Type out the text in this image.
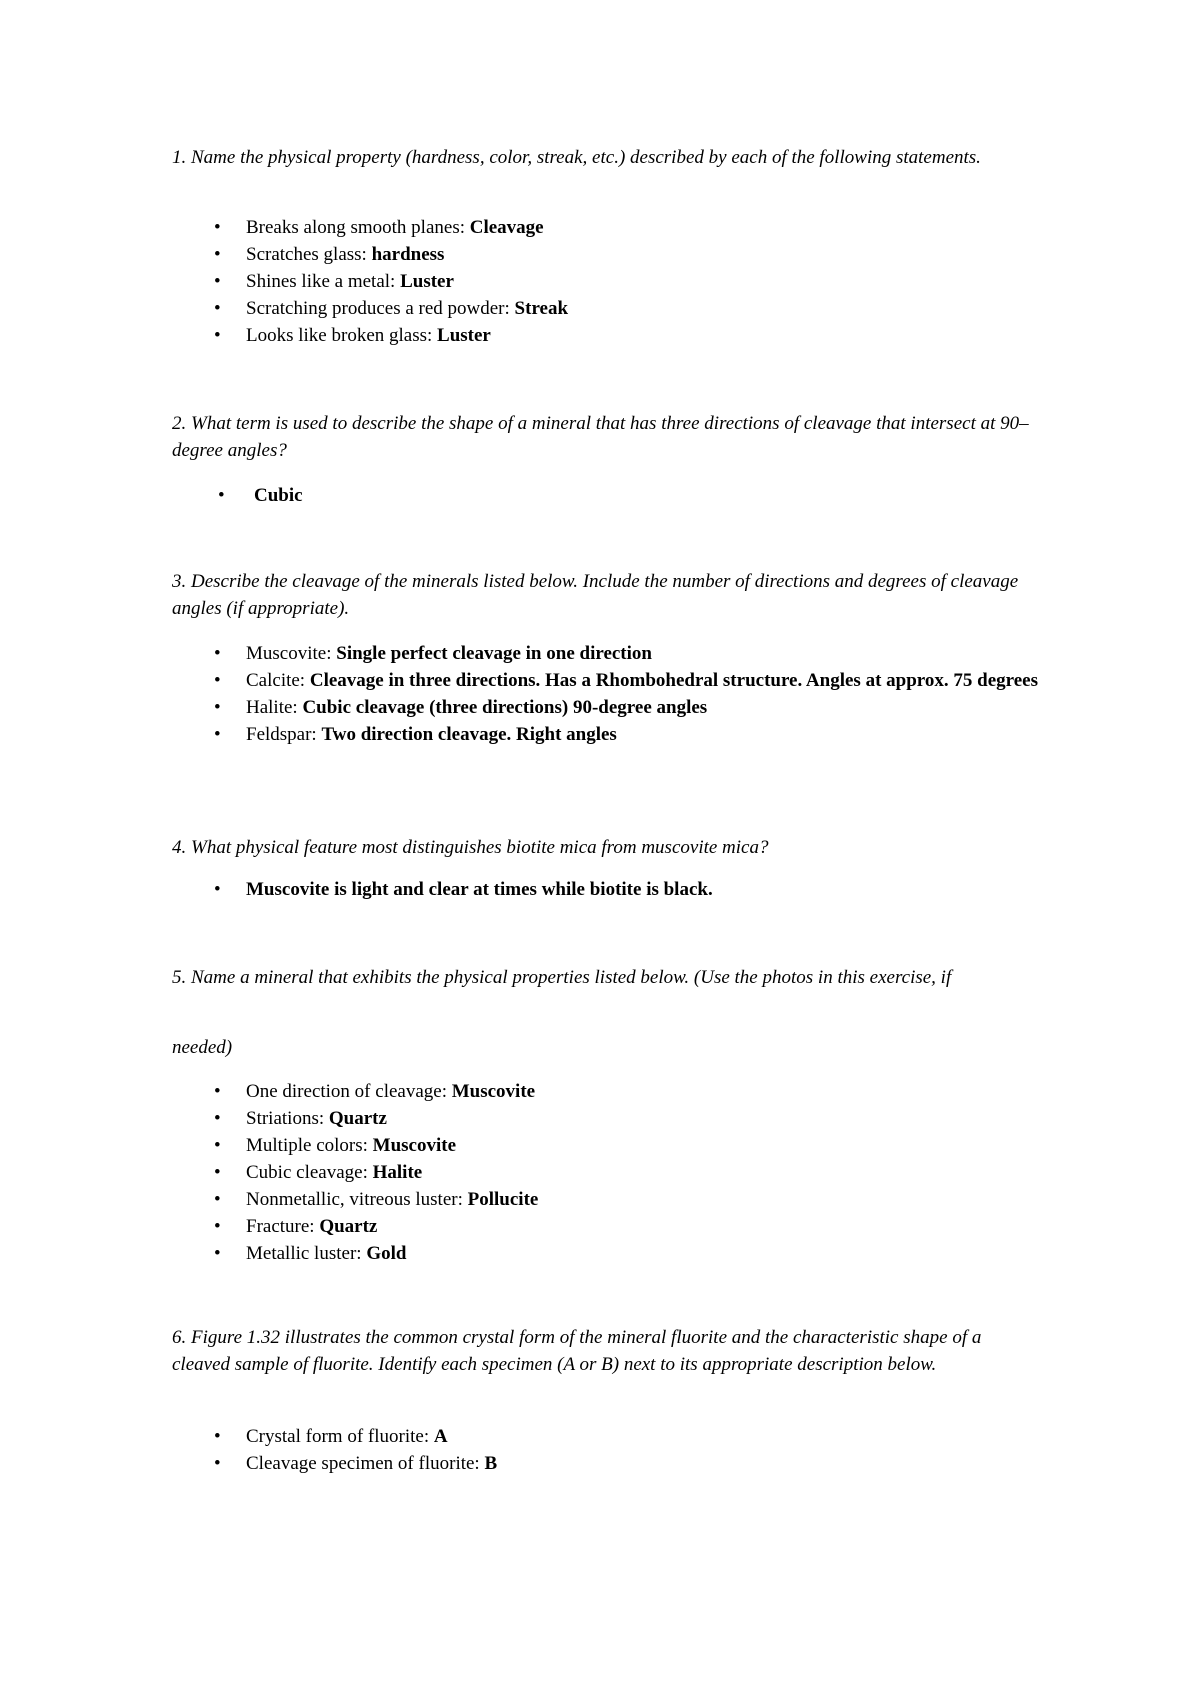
1. Name the physical property (hardness, color, streak, etc.) described by each of the following statements.

• Breaks along smooth planes: Cleavage
• Scratches glass: hardness
• Shines like a metal: Luster
• Scratching produces a red powder: Streak
• Looks like broken glass: Luster

2. What term is used to describe the shape of a mineral that has three directions of cleavage that intersect at 90–degree angles?

• Cubic

3. Describe the cleavage of the minerals listed below. Include the number of directions and degrees of cleavage angles (if appropriate).

• Muscovite: Single perfect cleavage in one direction
• Calcite: Cleavage in three directions. Has a Rhombohedral structure. Angles at approx. 75 degrees
• Halite: Cubic cleavage (three directions) 90-degree angles
• Feldspar: Two direction cleavage. Right angles

4. What physical feature most distinguishes biotite mica from muscovite mica?

• Muscovite is light and clear at times while biotite is black.

5. Name a mineral that exhibits the physical properties listed below. (Use the photos in this exercise, if

needed)

• One direction of cleavage: Muscovite
• Striations: Quartz
• Multiple colors: Muscovite
• Cubic cleavage: Halite
• Nonmetallic, vitreous luster: Pollucite
• Fracture: Quartz
• Metallic luster: Gold

6. Figure 1.32 illustrates the common crystal form of the mineral fluorite and the characteristic shape of a cleaved sample of fluorite. Identify each specimen (A or B) next to its appropriate description below.

• Crystal form of fluorite: A
• Cleavage specimen of fluorite: B
